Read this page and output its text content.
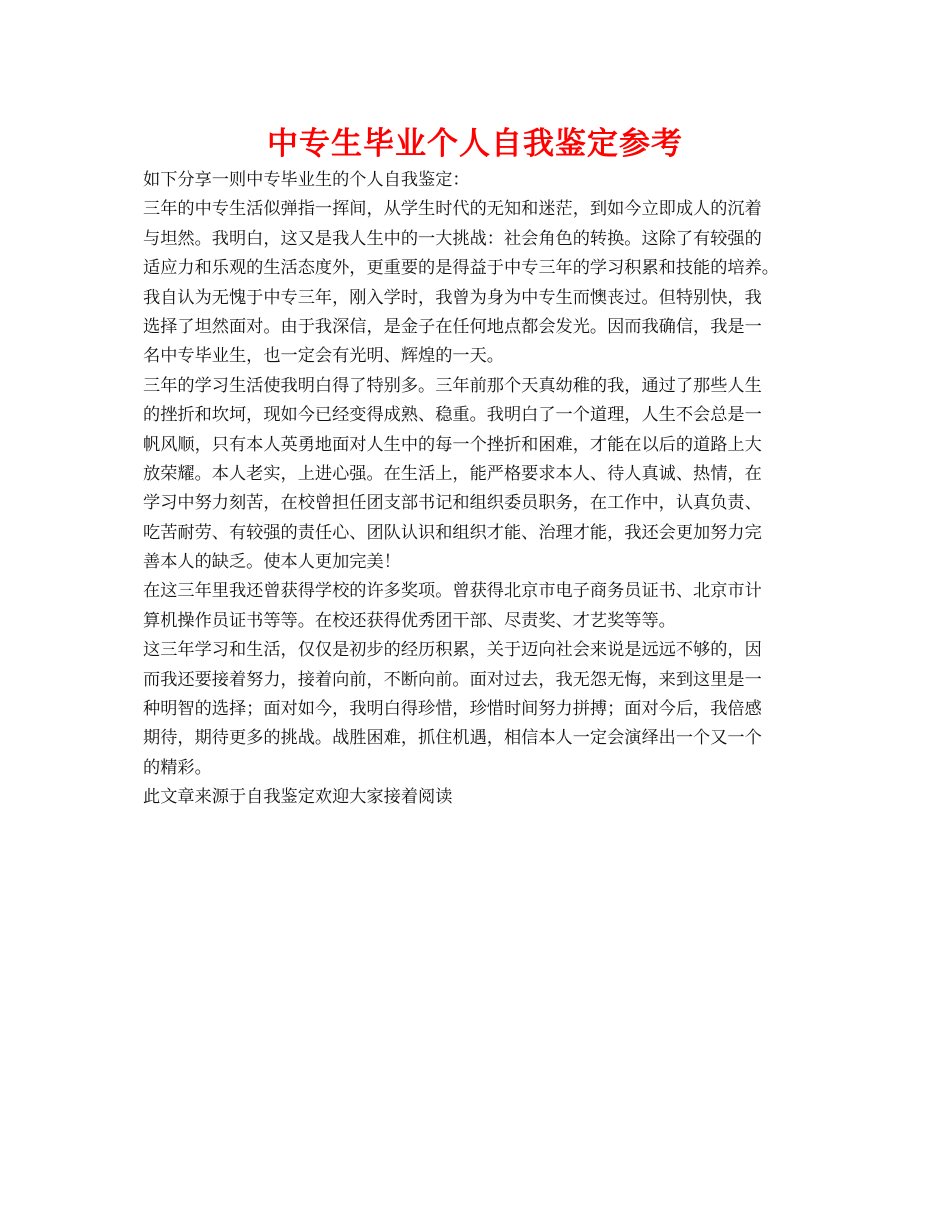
中专生毕业个人自我鉴定参考
如下分享一则中专毕业生的个人自我鉴定：
三年的中专生活似弹指一挥间，从学生时代的无知和迷茫，到如今立即成人的沉着
与坦然。我明白，这又是我人生中的一大挑战：社会角色的转换。这除了有较强的
适应力和乐观的生活态度外，更重要的是得益于中专三年的学习积累和技能的培养。
我自认为无愧于中专三年，刚入学时，我曾为身为中专生而懊丧过。但特别快，我
选择了坦然面对。由于我深信，是金子在任何地点都会发光。因而我确信，我是一
名中专毕业生，也一定会有光明、辉煌的一天。
三年的学习生活使我明白得了特别多。三年前那个天真幼稚的我，通过了那些人生
的挫折和坎坷，现如今已经变得成熟、稳重。我明白了一个道理，人生不会总是一
帆风顺，只有本人英勇地面对人生中的每一个挫折和困难，才能在以后的道路上大
放荣耀。本人老实，上进心强。在生活上，能严格要求本人、待人真诚、热情，在
学习中努力刻苦，在校曾担任团支部书记和组织委员职务，在工作中，认真负责、
吃苦耐劳、有较强的责任心、团队认识和组织才能、治理才能，我还会更加努力完
善本人的缺乏。使本人更加完美！
在这三年里我还曾获得学校的许多奖项。曾获得北京市电子商务员证书、北京市计
算机操作员证书等等。在校还获得优秀团干部、尽责奖、才艺奖等等。
这三年学习和生活，仅仅是初步的经历积累，关于迈向社会来说是远远不够的，因
而我还要接着努力，接着向前，不断向前。面对过去，我无怨无悔，来到这里是一
种明智的选择；面对如今，我明白得珍惜，珍惜时间努力拼搏；面对今后，我倍感
期待，期待更多的挑战。战胜困难，抓住机遇，相信本人一定会演绎出一个又一个
的精彩。
此文章来源于自我鉴定欢迎大家接着阅读
